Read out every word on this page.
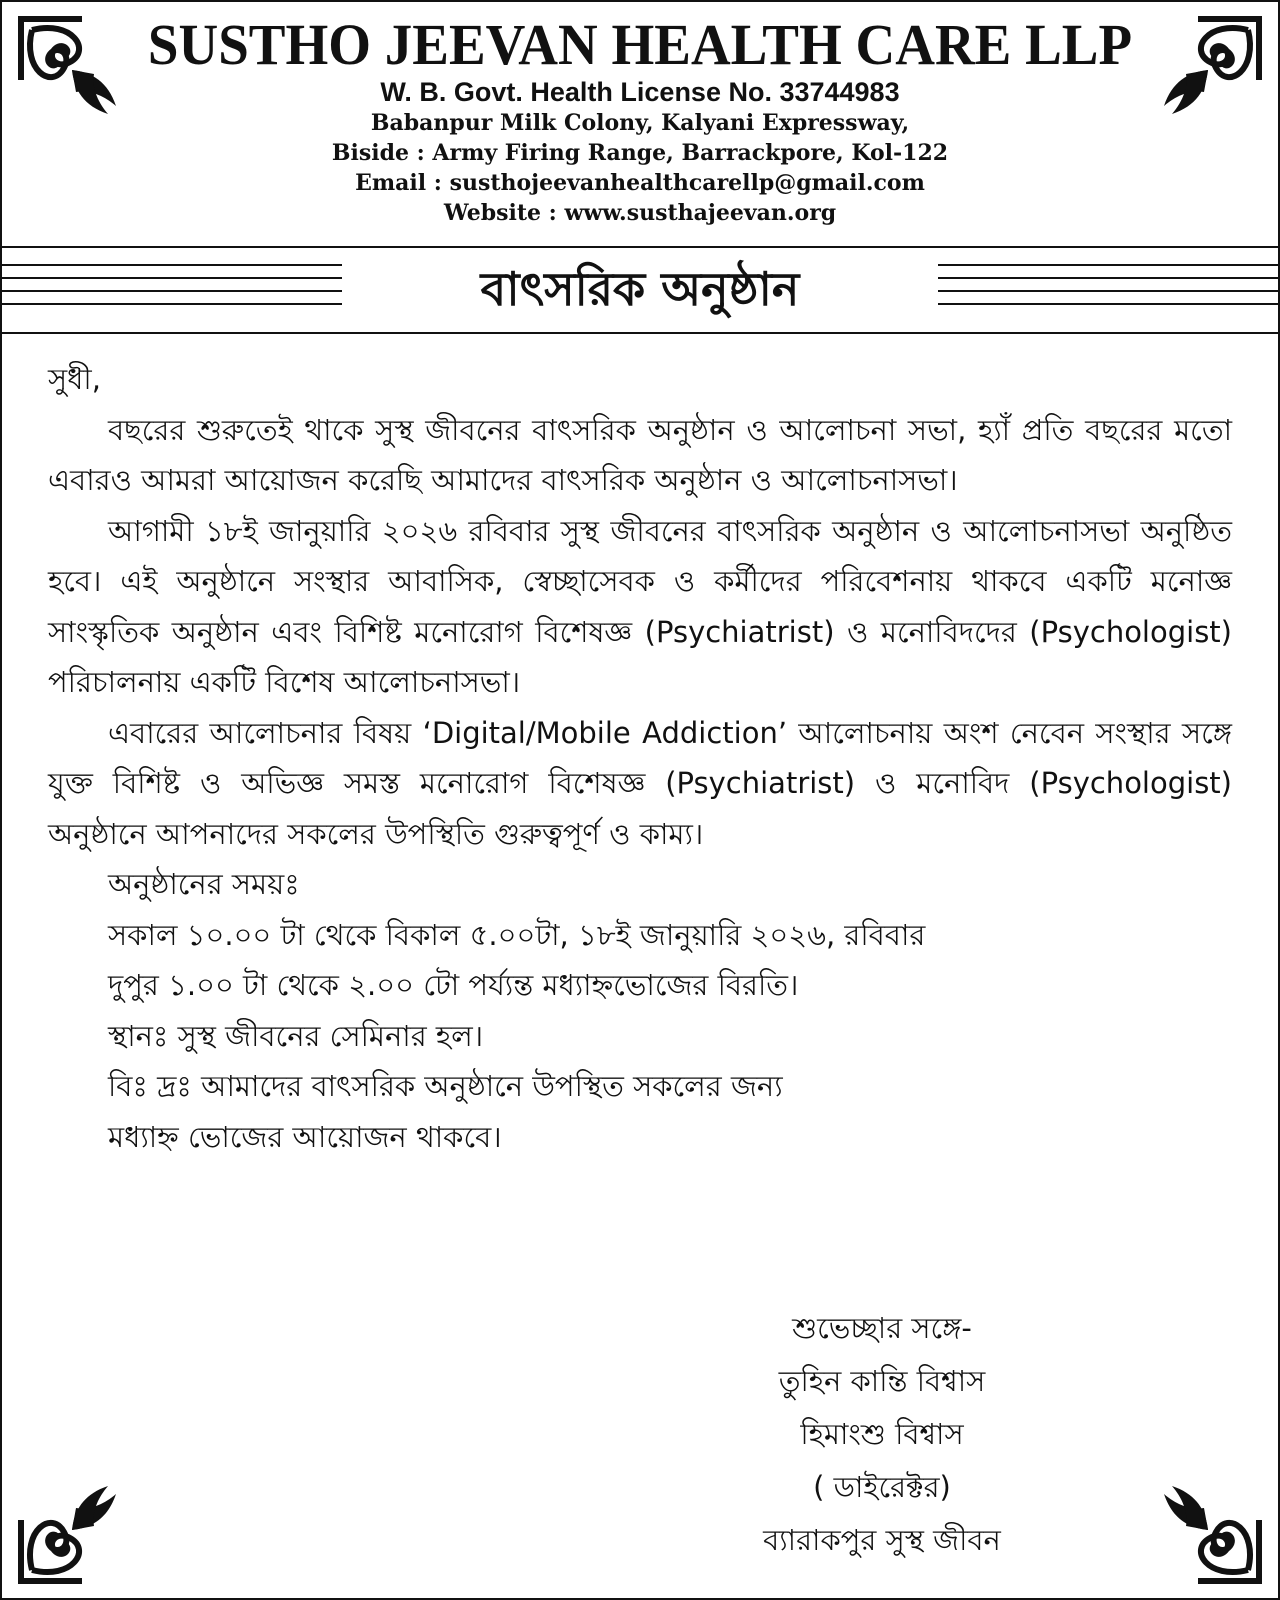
SUSTHO JEEVAN HEALTH CARE LLP
W. B. Govt. Health License No. 33744983
Babanpur Milk Colony, Kalyani Expressway,
Biside : Army Firing Range, Barrackpore, Kol-122
Email : susthojeevanhealthcarellp@gmail.com
Website : www.susthajeevan.org
বাৎসরিক অনুষ্ঠান

সুধী,

বছরের শুরুতেই থাকে সুস্থ জীবনের বাৎসরিক অনুষ্ঠান ও আলোচনা সভা, হ্যাঁ প্রতি বছরের মতো এবারও আমরা আয়োজন করেছি আমাদের বাৎসরিক অনুষ্ঠান ও আলোচনাসভা।

আগামী ১৮ই জানুয়ারি ২০২৬ রবিবার সুস্থ জীবনের বাৎসরিক অনুষ্ঠান ও আলোচনাসভা অনুষ্ঠিত হবে। এই অনুষ্ঠানে সংস্থার আবাসিক, স্বেচ্ছাসেবক ও কর্মীদের পরিবেশনায় থাকবে একটি মনোজ্ঞ সাংস্কৃতিক অনুষ্ঠান এবং বিশিষ্ট মনোরোগ বিশেষজ্ঞ (Psychiatrist) ও মনোবিদদের (Psychologist) পরিচালনায় একটি বিশেষ আলোচনাসভা।

এবারের আলোচনার বিষয় ‘Digital/Mobile Addiction’ আলোচনায় অংশ নেবেন সংস্থার সঙ্গে যুক্ত বিশিষ্ট ও অভিজ্ঞ সমস্ত মনোরোগ বিশেষজ্ঞ (Psychiatrist) ও মনোবিদ (Psychologist) অনুষ্ঠানে আপনাদের সকলের উপস্থিতি গুরুত্বপূর্ণ ও কাম্য।

অনুষ্ঠানের সময়ঃ
সকাল ১০.০০ টা থেকে বিকাল ৫.০০টা, ১৮ই জানুয়ারি ২০২৬, রবিবার
দুপুর ১.০০ টা থেকে ২.০০ টো পর্য্যন্ত মধ্যাহ্নভোজের বিরতি।
স্থানঃ সুস্থ জীবনের সেমিনার হল।
বিঃ দ্রঃ আমাদের বাৎসরিক অনুষ্ঠানে উপস্থিত সকলের জন্য
মধ্যাহ্ন ভোজের আয়োজন থাকবে।
শুভেচ্ছার সঙ্গে-
তুহিন কান্তি বিশ্বাস
হিমাংশু বিশ্বাস
( ডাইরেক্টর)
ব্যারাকপুর সুস্থ জীবন
